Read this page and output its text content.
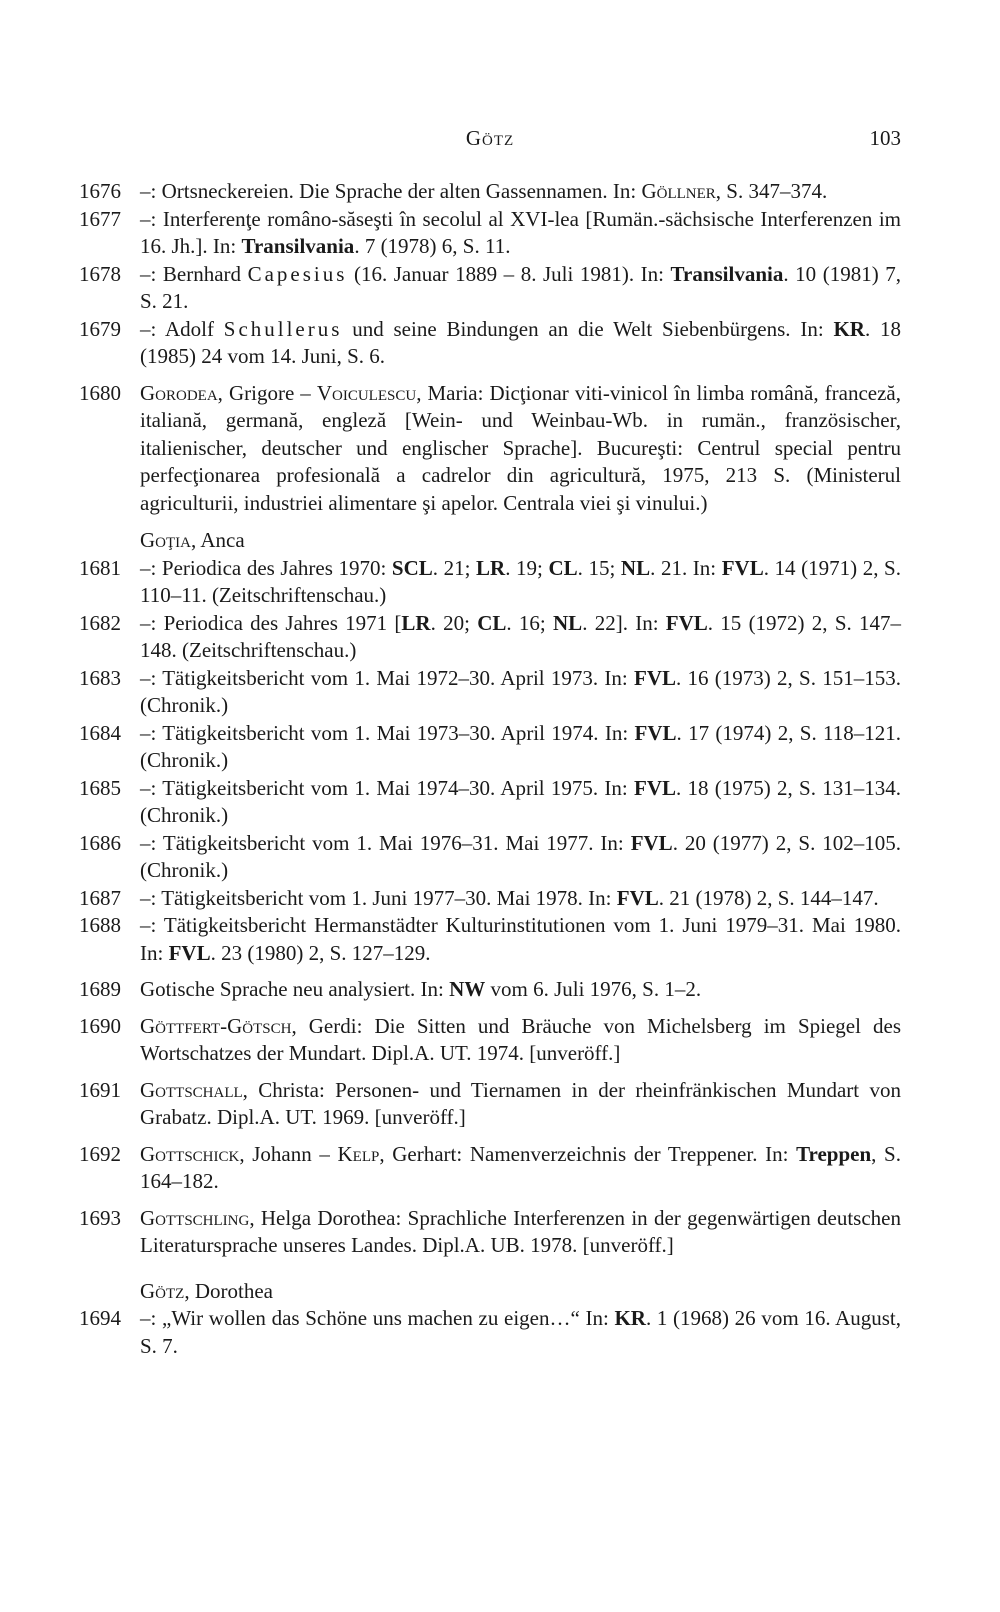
Götz	103
1676 –: Ortsneckereien. Die Sprache der alten Gassennamen. In: Göllner, S. 347–374.
1677 –: Interferenţe româno-săseşti în secolul al XVI-lea [Rumän.-sächsische Interferenzen im 16. Jh.]. In: Transilvania. 7 (1978) 6, S. 11.
1678 –: Bernhard Capesius (16. Januar 1889 – 8. Juli 1981). In: Transilvania. 10 (1981) 7, S. 21.
1679 –: Adolf Schullerus und seine Bindungen an die Welt Siebenbürgens. In: KR. 18 (1985) 24 vom 14. Juni, S. 6.
1680 Gorodea, Grigore – Voiculescu, Maria: Dicţionar viti-vinicol în limba română, franceză, italiană, germană, engleză [Wein- und Weinbau-Wb. in rumän., französischer, italienischer, deutscher und englischer Sprache]. Bucureşti: Centrul special pentru perfecţionarea profesională a cadrelor din agricultură, 1975, 213 S. (Ministerul agriculturii, industriei alimentare şi apelor. Centrala viei şi vinului.)
Goţia, Anca
1681 –: Periodica des Jahres 1970: SCL. 21; LR. 19; CL. 15; NL. 21. In: FVL. 14 (1971) 2, S. 110–11. (Zeitschriftenschau.)
1682 –: Periodica des Jahres 1971 [LR. 20; CL. 16; NL. 22]. In: FVL. 15 (1972) 2, S. 147–148. (Zeitschriftenschau.)
1683 –: Tätigkeitsbericht vom 1. Mai 1972–30. April 1973. In: FVL. 16 (1973) 2, S. 151–153. (Chronik.)
1684 –: Tätigkeitsbericht vom 1. Mai 1973–30. April 1974. In: FVL. 17 (1974) 2, S. 118–121. (Chronik.)
1685 –: Tätigkeitsbericht vom 1. Mai 1974–30. April 1975. In: FVL. 18 (1975) 2, S. 131–134. (Chronik.)
1686 –: Tätigkeitsbericht vom 1. Mai 1976–31. Mai 1977. In: FVL. 20 (1977) 2, S. 102–105. (Chronik.)
1687 –: Tätigkeitsbericht vom 1. Juni 1977–30. Mai 1978. In: FVL. 21 (1978) 2, S. 144–147.
1688 –: Tätigkeitsbericht Hermanstädter Kulturinstitutionen vom 1. Juni 1979–31. Mai 1980. In: FVL. 23 (1980) 2, S. 127–129.
1689 Gotische Sprache neu analysiert. In: NW vom 6. Juli 1976, S. 1–2.
1690 Göttfert-Götsch, Gerdi: Die Sitten und Bräuche von Michelsberg im Spiegel des Wortschatzes der Mundart. Dipl.A. UT. 1974. [unveröff.]
1691 Gottschall, Christa: Personen- und Tiernamen in der rheinfränkischen Mundart von Grabatz. Dipl.A. UT. 1969. [unveröff.]
1692 Gottschick, Johann – Kelp, Gerhart: Namenverzeichnis der Treppener. In: Treppen, S. 164–182.
1693 Gottschling, Helga Dorothea: Sprachliche Interferenzen in der gegenwärtigen deutschen Literatursprache unseres Landes. Dipl.A. UB. 1978. [unveröff.]
Götz, Dorothea
1694 –: „Wir wollen das Schöne uns machen zu eigen…“ In: KR. 1 (1968) 26 vom 16. August, S. 7.
